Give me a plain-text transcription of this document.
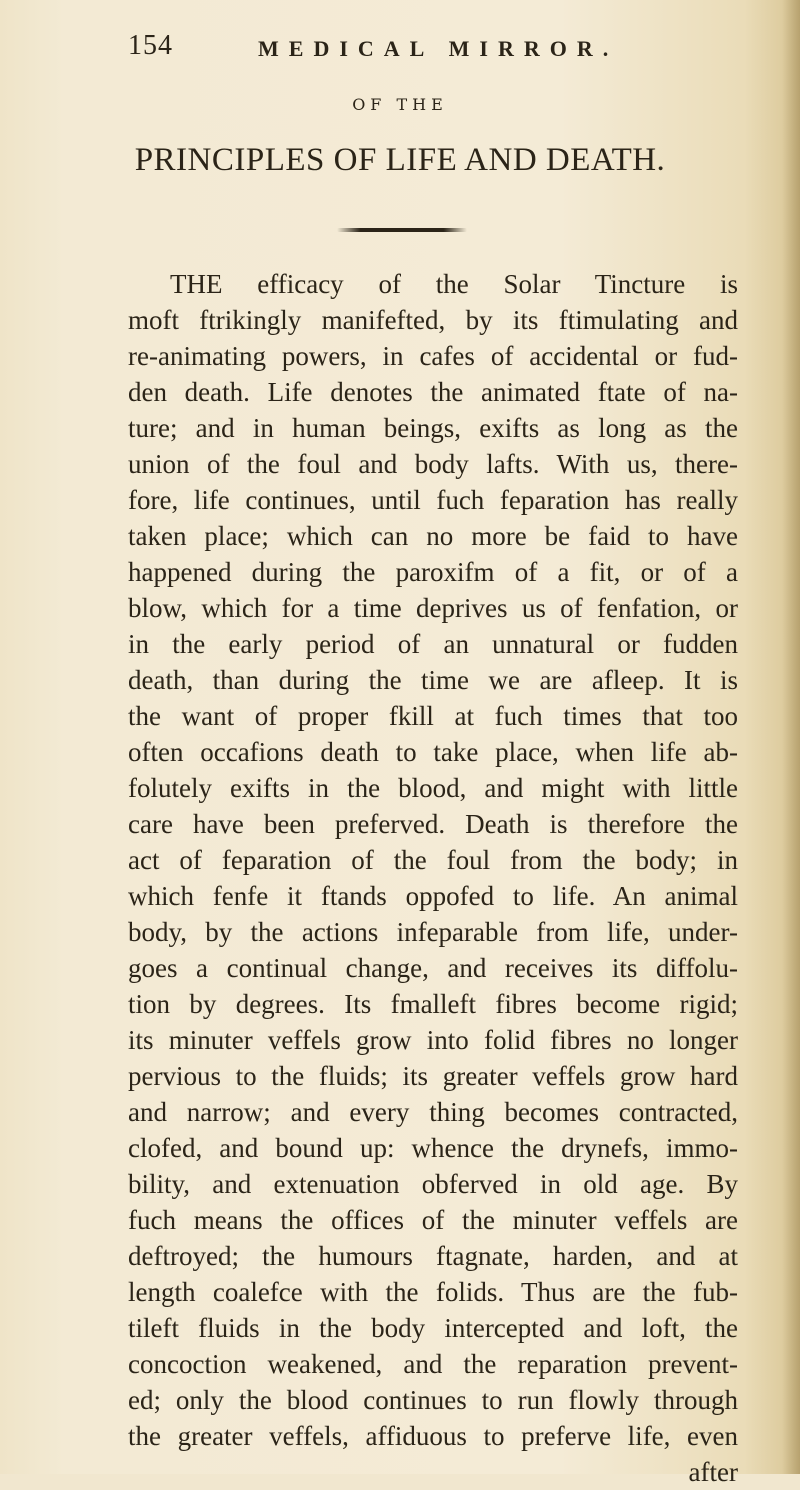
154	MEDICAL MIRROR.
OF THE
PRINCIPLES OF LIFE AND DEATH.
THE efficacy of the Solar Tincture is
moft ftrikingly manifefted, by its ftimulating and
re-animating powers, in cafes of accidental or fud-
den death. Life denotes the animated ftate of na-
ture; and in human beings, exifts as long as the
union of the foul and body lafts. With us, there-
fore, life continues, until fuch feparation has really
taken place; which can no more be faid to have
happened during the paroxifm of a fit, or of a
blow, which for a time deprives us of fenfation, or
in the early period of an unnatural or fudden
death, than during the time we are afleep. It is
the want of proper fkill at fuch times that too
often occafions death to take place, when life ab-
folutely exifts in the blood, and might with little
care have been preferved. Death is therefore the
act of feparation of the foul from the body; in
which fenfe it ftands oppofed to life. An animal
body, by the actions infeparable from life, under-
goes a continual change, and receives its diffolu-
tion by degrees. Its fmalleft fibres become rigid;
its minuter veffels grow into folid fibres no longer
pervious to the fluids; its greater veffels grow hard
and narrow; and every thing becomes contracted,
clofed, and bound up: whence the drynefs, immo-
bility, and extenuation obferved in old age. By
fuch means the offices of the minuter veffels are
deftroyed; the humours ftagnate, harden, and at
length coalefce with the folids. Thus are the fub-
tileft fluids in the body intercepted and loft, the
concoction weakened, and the reparation prevent-
ed; only the blood continues to run flowly through
the greater veffels, affiduous to preferve life, even
after
